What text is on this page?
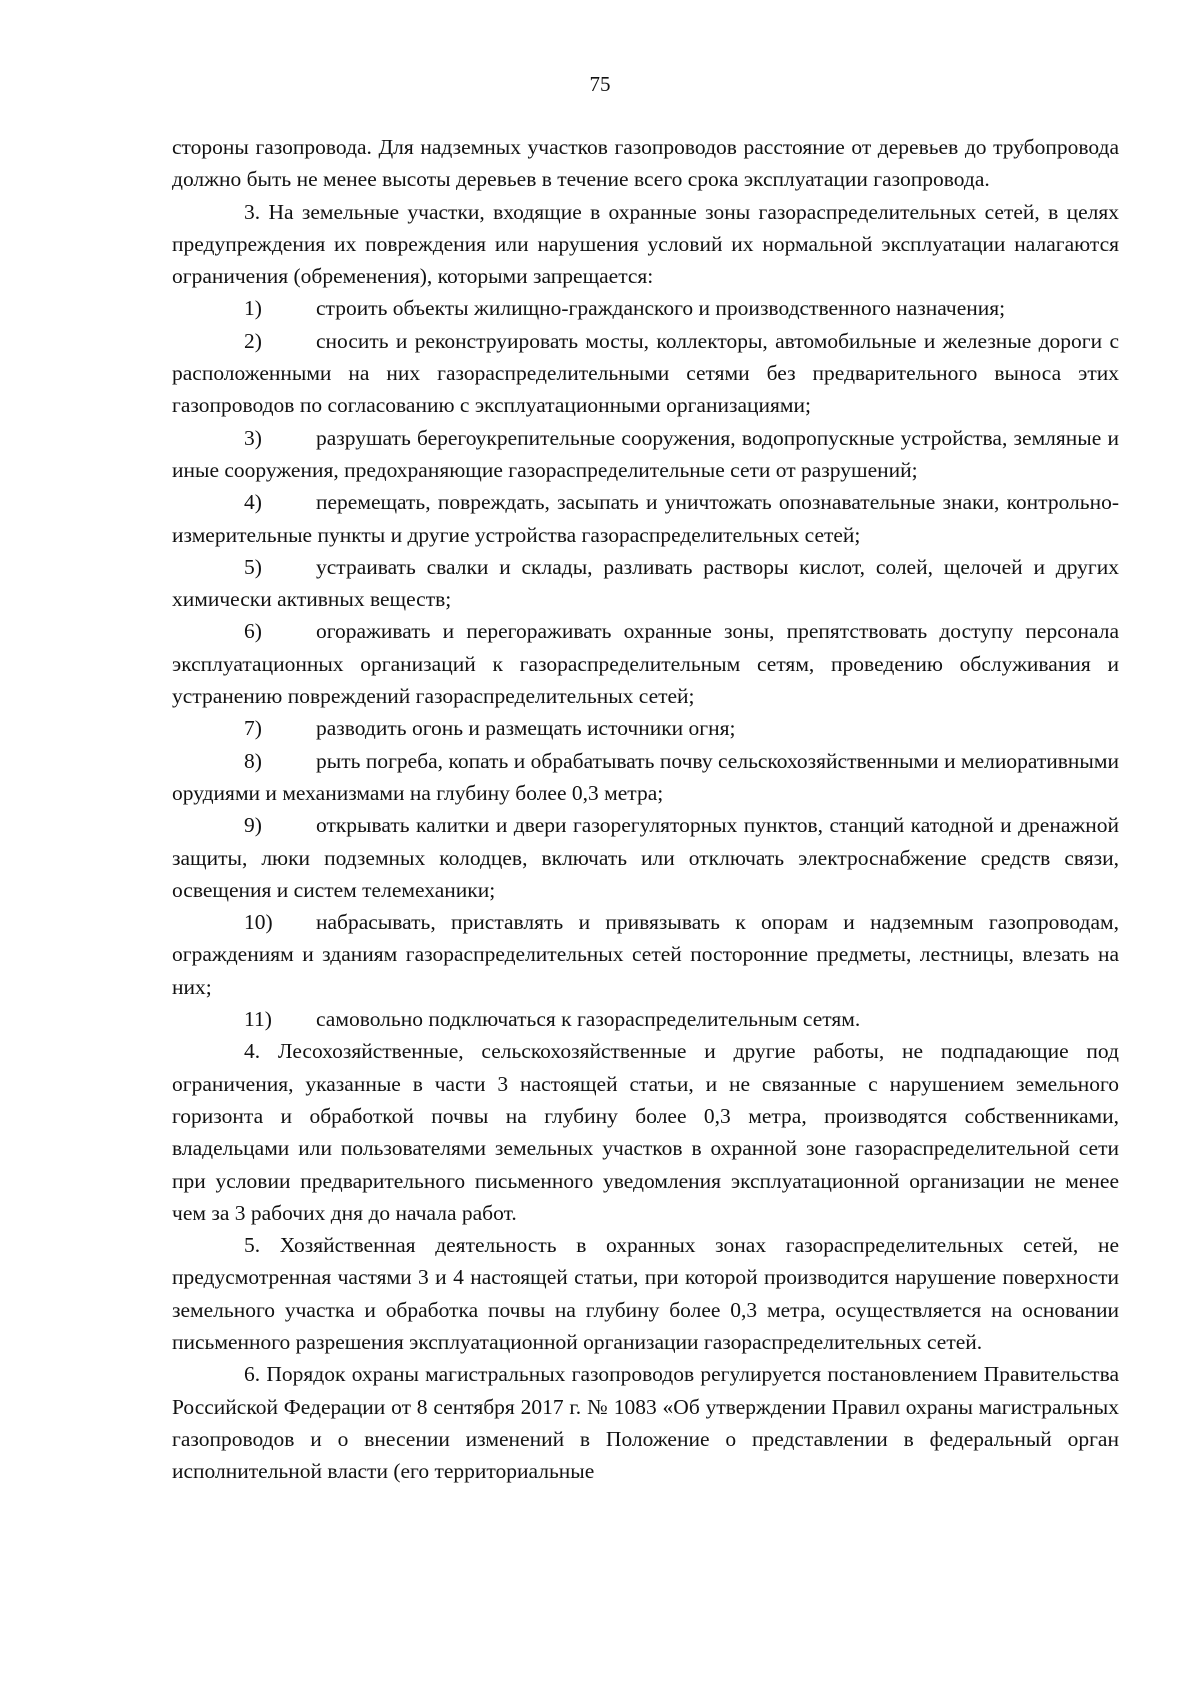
75

стороны газопровода. Для надземных участков газопроводов расстояние от деревьев до трубопровода должно быть не менее высоты деревьев в течение всего срока эксплуатации газопровода.

3. На земельные участки, входящие в охранные зоны газораспределительных сетей, в целях предупреждения их повреждения или нарушения условий их нормальной эксплуатации налагаются ограничения (обременения), которыми запрещается:

1)	строить объекты жилищно-гражданского и производственного назначения;

2)	сносить и реконструировать мосты, коллекторы, автомобильные и железные дороги с расположенными на них газораспределительными сетями без предварительного выноса этих газопроводов по согласованию с эксплуатационными организациями;

3)	разрушать берегоукрепительные сооружения, водопропускные устройства, земляные и иные сооружения, предохраняющие газораспределительные сети от разрушений;

4)	перемещать, повреждать, засыпать и уничтожать опознавательные знаки, контрольно-измерительные пункты и другие устройства газораспределительных сетей;

5)	устраивать свалки и склады, разливать растворы кислот, солей, щелочей и других химически активных веществ;

6)	огораживать и перегораживать охранные зоны, препятствовать доступу персонала эксплуатационных организаций к газораспределительным сетям, проведению обслуживания и устранению повреждений газораспределительных сетей;

7)	разводить огонь и размещать источники огня;

8)	рыть погреба, копать и обрабатывать почву сельскохозяйственными и мелиоративными орудиями и механизмами на глубину более 0,3 метра;

9)	открывать калитки и двери газорегуляторных пунктов, станций катодной и дренажной защиты, люки подземных колодцев, включать или отключать электроснабжение средств связи, освещения и систем телемеханики;

10) набрасывать, приставлять и привязывать к опорам и надземным газопроводам, ограждениям и зданиям газораспределительных сетей посторонние предметы, лестницы, влезать на них;

11) самовольно подключаться к газораспределительным сетям.

4. Лесохозяйственные, сельскохозяйственные и другие работы, не подпадающие под ограничения, указанные в части 3 настоящей статьи, и не связанные с нарушением земельного горизонта и обработкой почвы на глубину более 0,3 метра, производятся собственниками, владельцами или пользователями земельных участков в охранной зоне газораспределительной сети при условии предварительного письменного уведомления эксплуатационной организации не менее чем за 3 рабочих дня до начала работ.

5. Хозяйственная деятельность в охранных зонах газораспределительных сетей, не предусмотренная частями 3 и 4 настоящей статьи, при которой производится нарушение поверхности земельного участка и обработка почвы на глубину более 0,3 метра, осуществляется на основании письменного разрешения эксплуатационной организации газораспределительных сетей.

6. Порядок охраны магистральных газопроводов регулируется постановлением Правительства Российской Федерации от 8 сентября 2017 г. № 1083 «Об утверждении Правил охраны магистральных газопроводов и о внесении изменений в Положение о представлении в федеральный орган исполнительной власти (его территориальные
